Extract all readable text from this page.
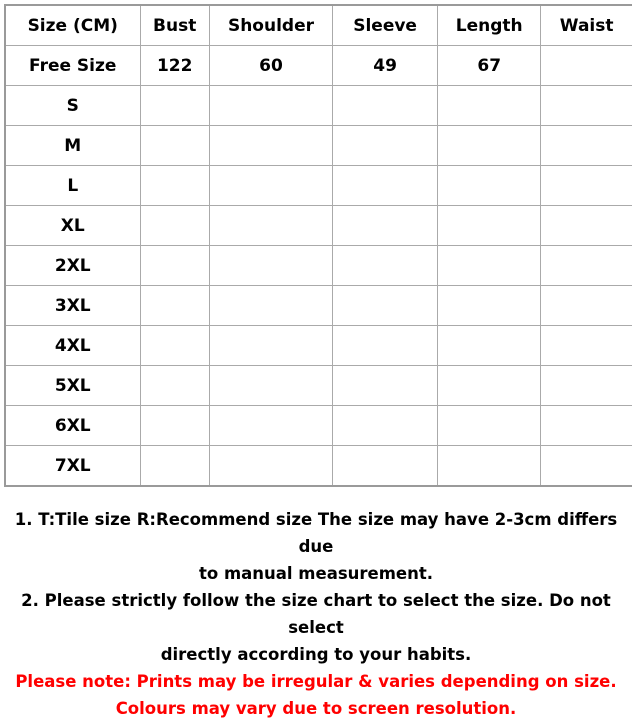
Size (CM)	Bust	Shoulder	Sleeve	Length	Waist
Free Size	122	60	49	67	
S					
M					
L					
XL					
2XL					
3XL					
4XL					
5XL					
6XL					
7XL					

1. T:Tile size R:Recommend size The size may have 2-3cm differs due

to manual measurement.

2. Please strictly follow the size chart to select the size. Do not select

directly according to your habits.

Please note: Prints may be irregular & varies depending on size.

Colours may vary due to screen resolution.
